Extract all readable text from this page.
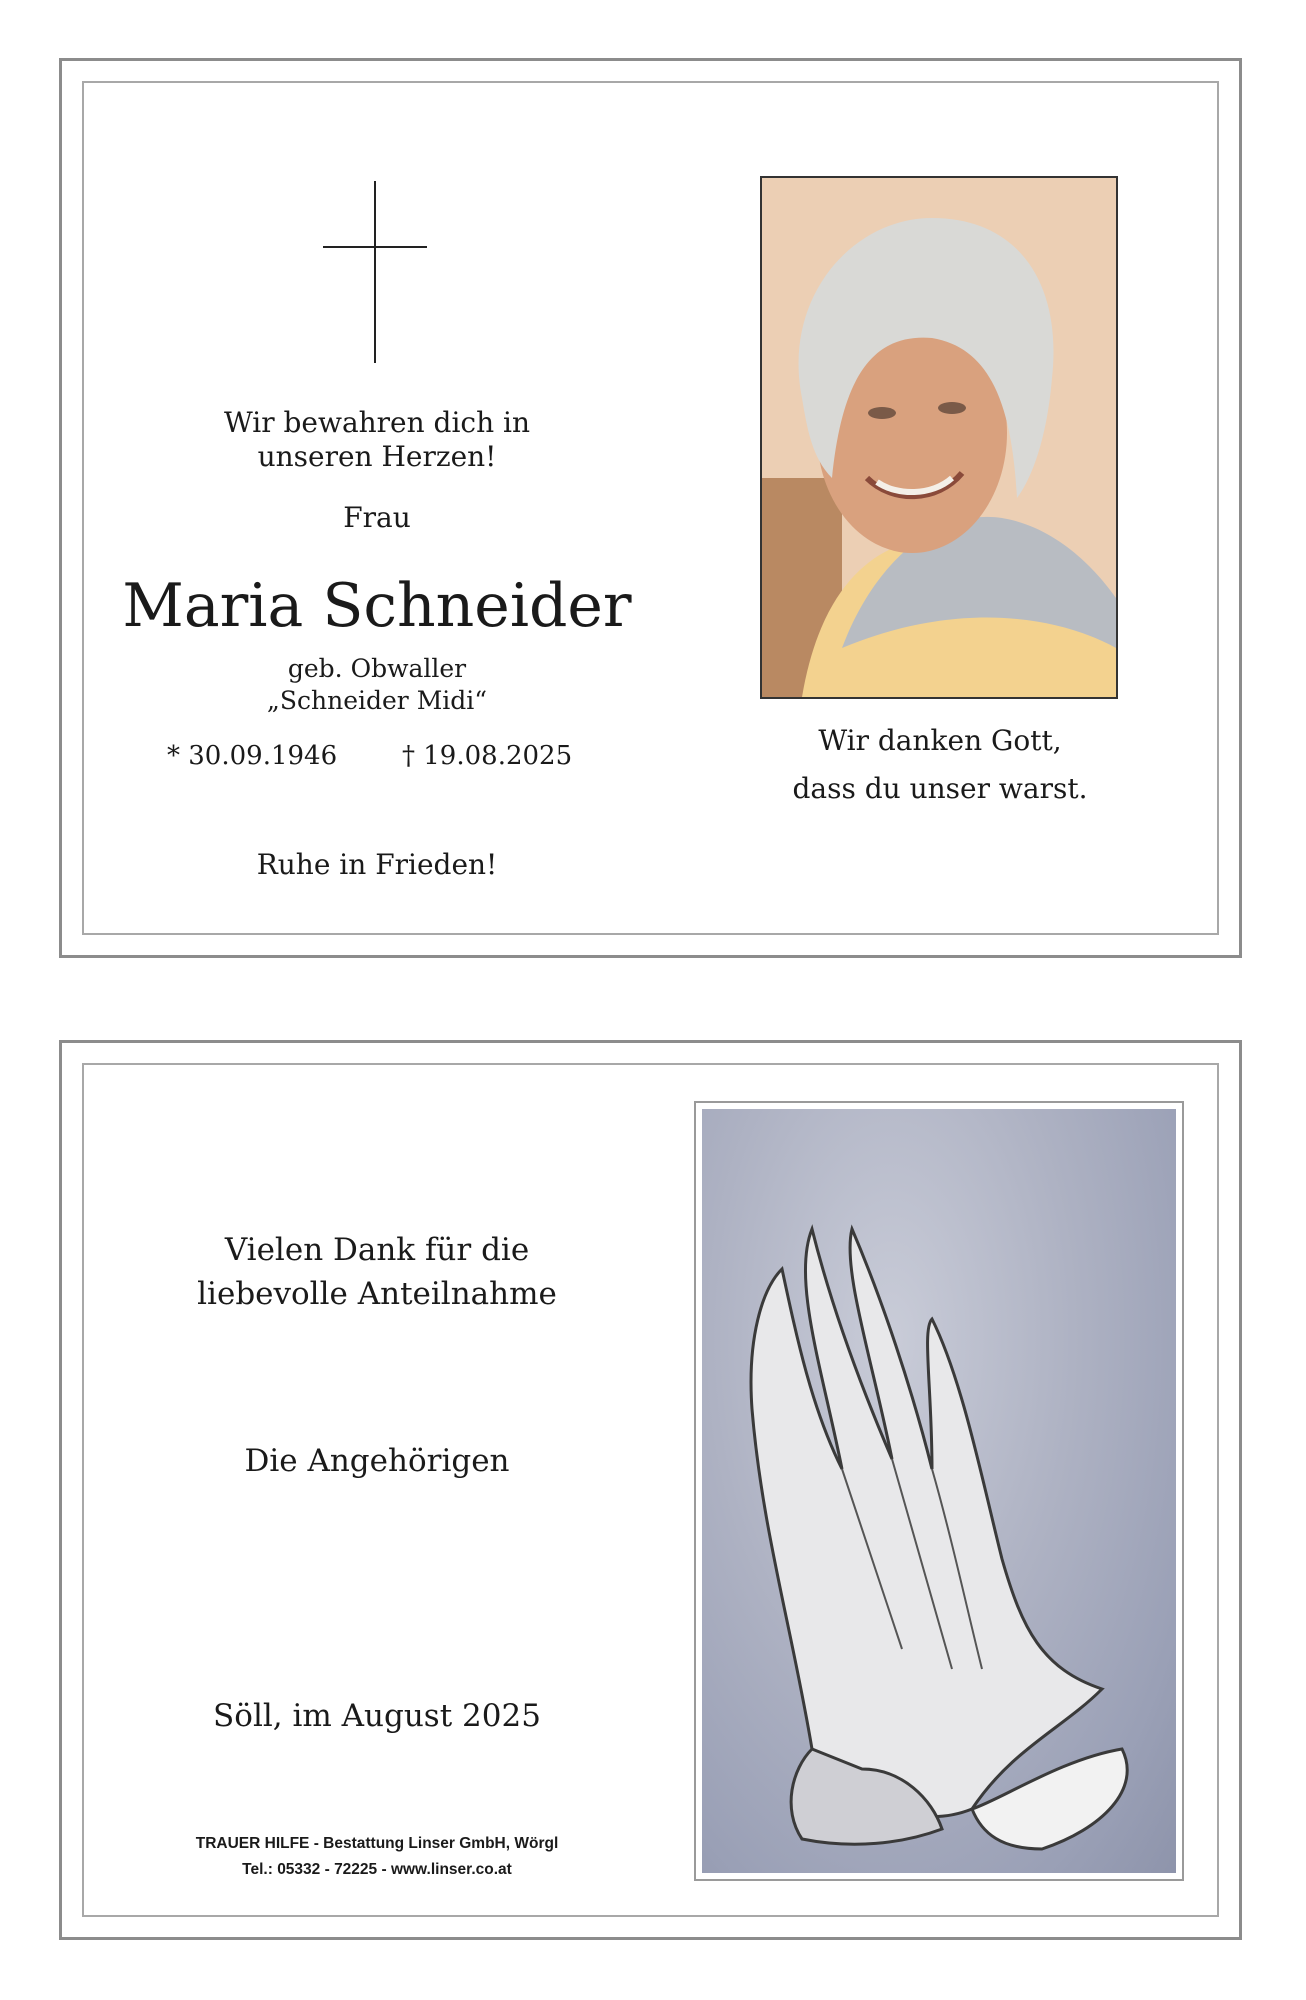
Wir bewahren dich in
unseren Herzen!
Frau
Maria Schneider
geb. Obwaller
„Schneider Midi“
* 30.09.1946 † 19.08.2025
Ruhe in Frieden!
Wir danken Gott,
dass du unser warst.
Vielen Dank für die
liebevolle Anteilnahme
Die Angehörigen
Söll, im August 2025
TRAUER HILFE - Bestattung Linser GmbH, Wörgl
Tel.: 05332 - 72225 - www.linser.co.at
